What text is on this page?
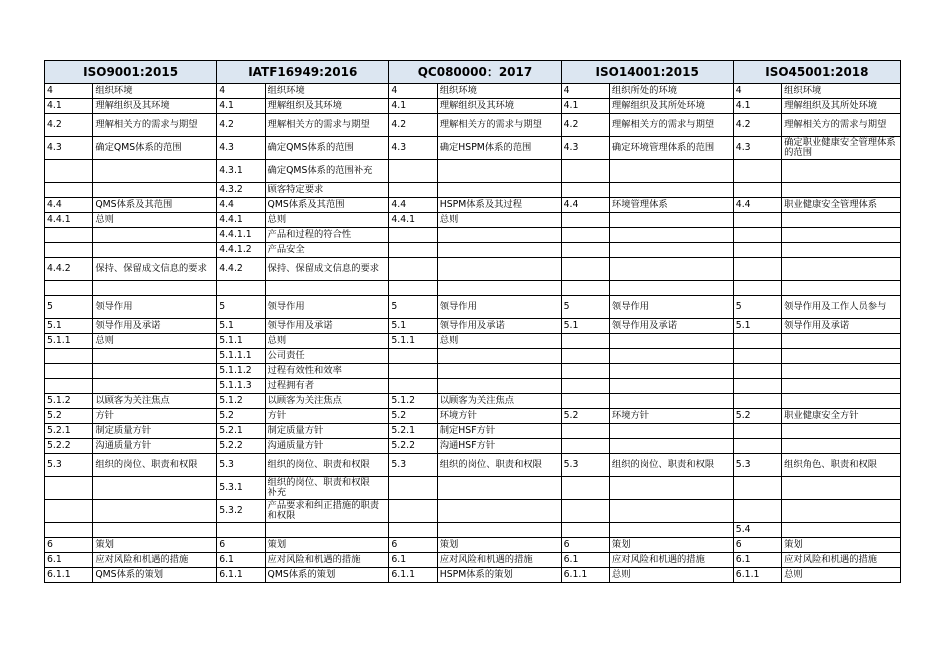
ISO9001:2015		IATF16949:2016		QC080000：2017		ISO14001:2015		ISO45001:2018	
4	组织环境	4	组织环境	4	组织环境	4	组织所处的环境	4	组织环境
4.1	理解组织及其环境	4.1	理解组织及其环境	4.1	理解组织及其环境	4.1	理解组织及其所处环境	4.1	理解组织及其所处环境
4.2	理解相关方的需求与期望	4.2	理解相关方的需求与期望	4.2	理解相关方的需求与期望	4.2	理解相关方的需求与期望	4.2	理解相关方的需求与期望
4.3	确定QMS体系的范围	4.3	确定QMS体系的范围	4.3	确定HSPM体系的范围	4.3	确定环境管理体系的范围	4.3	确定职业健康安全管理体系的范围
		4.3.1	确定QMS体系的范围补充						
		4.3.2	顾客特定要求						
4.4	QMS体系及其范围	4.4	QMS体系及其范围	4.4	HSPM体系及其过程	4.4	环境管理体系	4.4	职业健康安全管理体系
4.4.1	总则	4.4.1	总则	4.4.1	总则				
		4.4.1.1	产品和过程的符合性						
		4.4.1.2	产品安全						
4.4.2	保持、保留成文信息的要求	4.4.2	保持、保留成文信息的要求						

5	领导作用	5	领导作用	5	领导作用	5	领导作用	5	领导作用及工作人员参与
5.1	领导作用及承诺	5.1	领导作用及承诺	5.1	领导作用及承诺	5.1	领导作用及承诺	5.1	领导作用及承诺
5.1.1	总则	5.1.1	总则	5.1.1	总则				
		5.1.1.1	公司责任						
		5.1.1.2	过程有效性和效率						
		5.1.1.3	过程拥有者						
5.1.2	以顾客为关注焦点	5.1.2	以顾客为关注焦点	5.1.2	以顾客为关注焦点				
5.2	方针	5.2	方针	5.2	环境方针	5.2	环境方针	5.2	职业健康安全方针
5.2.1	制定质量方针	5.2.1	制定质量方针	5.2.1	制定HSF方针				
5.2.2	沟通质量方针	5.2.2	沟通质量方针	5.2.2	沟通HSF方针				
5.3	组织的岗位、职责和权限	5.3	组织的岗位、职责和权限	5.3	组织的岗位、职责和权限	5.3	组织的岗位、职责和权限	5.3	组织角色、职责和权限
		5.3.1	组织的岗位、职责和权限　补充						
		5.3.2	产品要求和纠正措施的职责和权限						
								5.4	
6	策划	6	策划	6	策划	6	策划	6	策划
6.1	应对风险和机遇的措施	6.1	应对风险和机遇的措施	6.1	应对风险和机遇的措施	6.1	应对风险和机遇的措施	6.1	应对风险和机遇的措施
6.1.1	QMS体系的策划	6.1.1	QMS体系的策划	6.1.1	HSPM体系的策划	6.1.1	总则	6.1.1	总则
